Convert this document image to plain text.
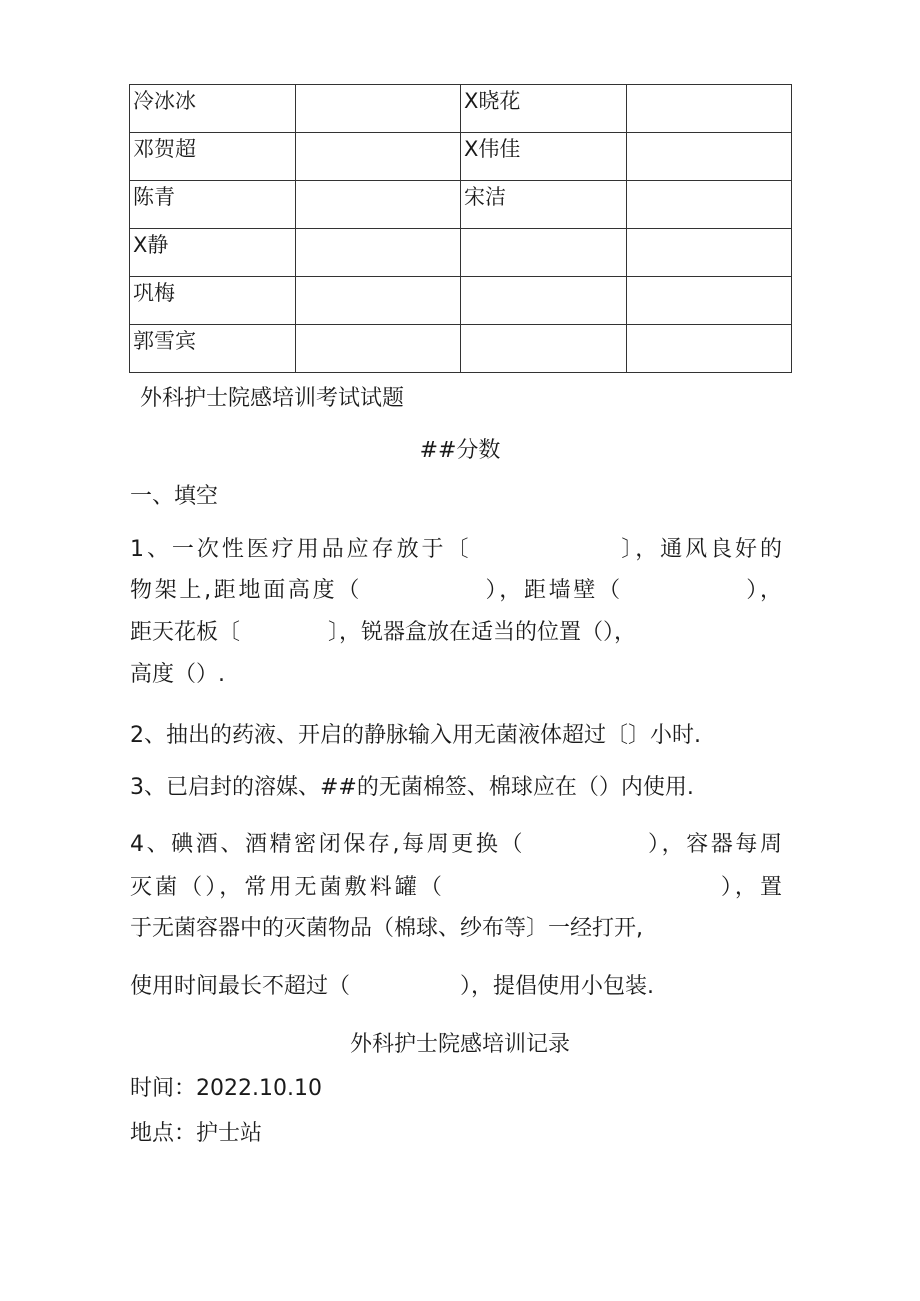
冷冰冰		X晓花	
邓贺超		X伟佳	
陈青		宋洁	
X静			
巩梅			
郭雪宾			

外科护士院感培训考试试题

##分数

一、填空

1、一次性医疗用品应存放于〔　　　　　　〕，通风良好的

物架上,距地面高度（　　　　　），距墙壁（　　　　　），

距天花板〔　　　　〕，锐器盒放在适当的位置（），

高度（）.

2、抽出的药液、开启的静脉输入用无菌液体超过〔〕小时.

3、已启封的溶媒、##的无菌棉签、棉球应在（）内使用.

4、碘酒、酒精密闭保存,每周更换（　　　　　），容器每周

灭菌（），常用无菌敷料罐（　　　　　　　　　　　），置

于无菌容器中的灭菌物品（棉球、纱布等〕一经打开,

使用时间最长不超过（　　　　　），提倡使用小包装.

外科护士院感培训记录

时间：2022.10.10

地点：护士站
